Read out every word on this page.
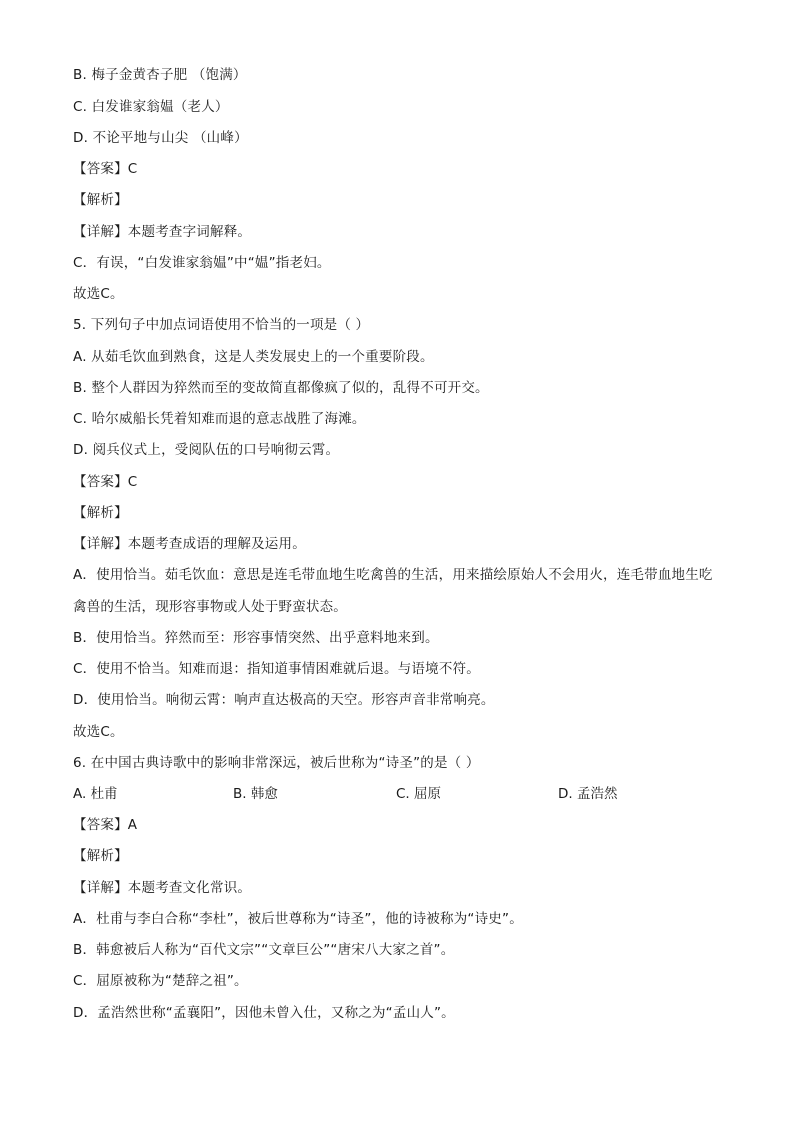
B. 梅子金黄杏子肥 （饱满）
C. 白发谁家翁媪（老人）
D. 不论平地与山尖 （山峰）
【答案】C
【解析】
【详解】本题考查字词解释。
C．有误，“白发谁家翁媪”中“媪”指老妇。
故选C。
5. 下列句子中加点词语使用不恰当的一项是（ ）
A. 从茹毛饮血到熟食，这是人类发展史上的一个重要阶段。
B. 整个人群因为猝然而至的变故简直都像疯了似的，乱得不可开交。
C. 哈尔威船长凭着知难而退的意志战胜了海滩。
D. 阅兵仪式上，受阅队伍的口号响彻云霄。
【答案】C
【解析】
【详解】本题考查成语的理解及运用。
A．使用恰当。茹毛饮血：意思是连毛带血地生吃禽兽的生活，用来描绘原始人不会用火，连毛带血地生吃
禽兽的生活，现形容事物或人处于野蛮状态。
B．使用恰当。猝然而至：形容事情突然、出乎意料地来到。
C．使用不恰当。知难而退：指知道事情困难就后退。与语境不符。
D．使用恰当。响彻云霄：响声直达极高的天空。形容声音非常响亮。
故选C。
6. 在中国古典诗歌中的影响非常深远，被后世称为“诗圣”的是（ ）
A. 杜甫	B. 韩愈	C. 屈原	D. 孟浩然
【答案】A
【解析】
【详解】本题考查文化常识。
A．杜甫与李白合称“李杜”，被后世尊称为“诗圣”，他的诗被称为“诗史”。
B．韩愈被后人称为“百代文宗”“文章巨公”“唐宋八大家之首”。
C．屈原被称为“楚辞之祖”。
D．孟浩然世称“孟襄阳”，因他未曾入仕，又称之为“孟山人”。
